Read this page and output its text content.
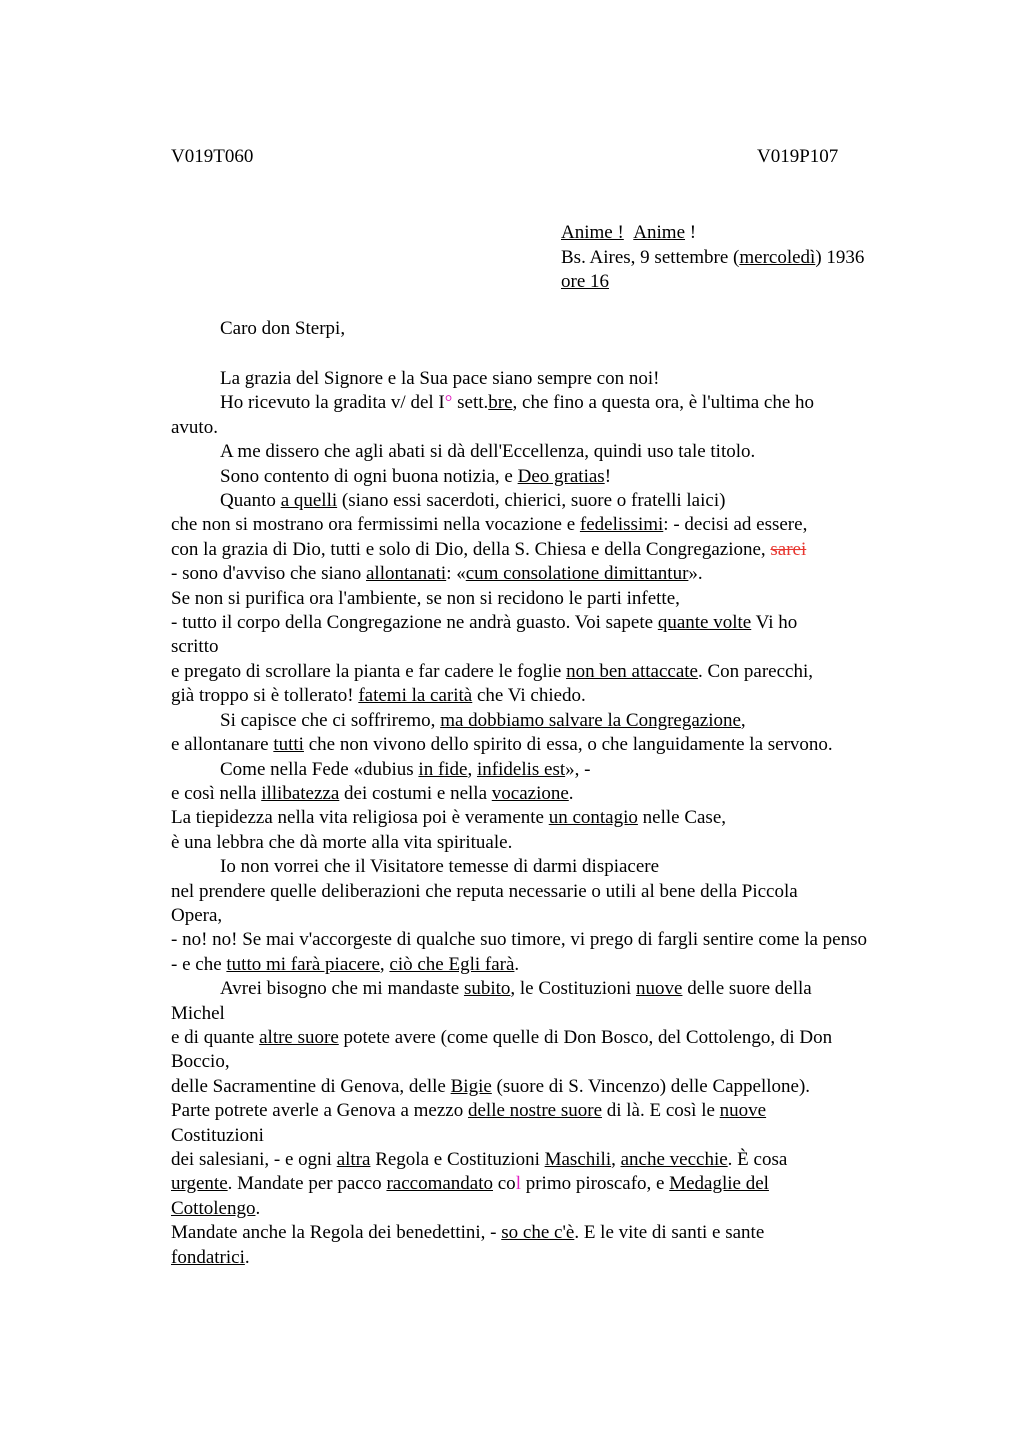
V019T060	V019P107
Anime ! Anime !
Bs. Aires, 9 settembre (mercoledì) 1936
ore 16
Caro don Sterpi,
La grazia del Signore e la Sua pace siano sempre con noi!
Ho ricevuto la gradita v/ del I° sett.bre, che fino a questa ora, è l'ultima che ho
avuto.
A me dissero che agli abati si dà dell'Eccellenza, quindi uso tale titolo.
Sono contento di ogni buona notizia, e Deo gratias!
Quanto a quelli (siano essi sacerdoti, chierici, suore o fratelli laici)
che non si mostrano ora fermissimi nella vocazione e fedelissimi: - decisi ad essere,
con la grazia di Dio, tutti e solo di Dio, della S. Chiesa e della Congregazione, sarei
- sono d'avviso che siano allontanati: «cum consolatione dimittantur».
Se non si purifica ora l'ambiente, se non si recidono le parti infette,
- tutto il corpo della Congregazione ne andrà guasto. Voi sapete quante volte Vi ho
scritto
e pregato di scrollare la pianta e far cadere le foglie non ben attaccate. Con parecchi,
già troppo si è tollerato! fatemi la carità che Vi chiedo.
Si capisce che ci soffriremo, ma dobbiamo salvare la Congregazione,
e allontanare tutti che non vivono dello spirito di essa, o che languidamente la servono.
Come nella Fede «dubius in fide, infidelis est», -
e così nella illibatezza dei costumi e nella vocazione.
La tiepidezza nella vita religiosa poi è veramente un contagio nelle Case,
è una lebbra che dà morte alla vita spirituale.
Io non vorrei che il Visitatore temesse di darmi dispiacere
nel prendere quelle deliberazioni che reputa necessarie o utili al bene della Piccola
Opera,
- no! no! Se mai v'accorgeste di qualche suo timore, vi prego di fargli sentire come la penso
- e che tutto mi farà piacere, ciò che Egli farà.
Avrei bisogno che mi mandaste subito, le Costituzioni nuove delle suore della
Michel
e di quante altre suore potete avere (come quelle di Don Bosco, del Cottolengo, di Don
Boccio,
delle Sacramentine di Genova, delle Bigie (suore di S. Vincenzo) delle Cappellone).
Parte potrete averle a Genova a mezzo delle nostre suore di là. E così le nuove
Costituzioni
dei salesiani, - e ogni altra Regola e Costituzioni Maschili, anche vecchie. È cosa
urgente. Mandate per pacco raccomandato col primo piroscafo, e Medaglie del
Cottolengo.
Mandate anche la Regola dei benedettini, - so che c'è. E le vite di santi e sante
fondatrici.
